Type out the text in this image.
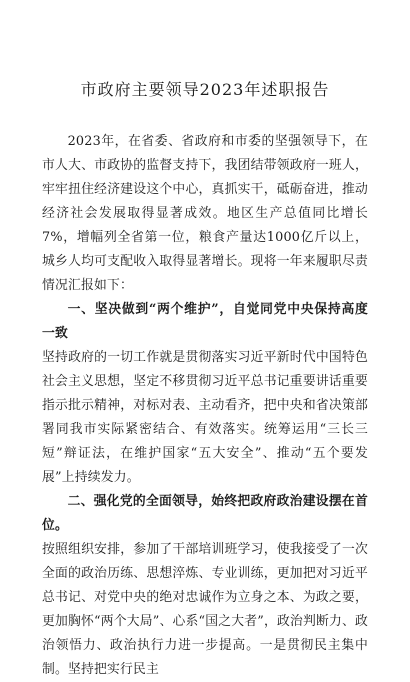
市政府主要领导2023年述职报告

2023年，在省委、省政府和市委的坚强领导下，在市人大、市政协的监督支持下，我团结带领政府一班人，牢牢扭住经济建设这个中心，真抓实干，砥砺奋进，推动经济社会发展取得显著成效。地区生产总值同比增长7%，增幅列全省第一位，粮食产量达1000亿斤以上，城乡人均可支配收入取得显著增长。现将一年来履职尽责情况汇报如下：

一、坚决做到“两个维护”，自觉同党中央保持高度一致

坚持政府的一切工作就是贯彻落实习近平新时代中国特色社会主义思想，坚定不移贯彻习近平总书记重要讲话重要指示批示精神，对标对表、主动看齐，把中央和省决策部署同我市实际紧密结合、有效落实。统筹运用“三长三短”辩证法，在维护国家“五大安全”、推动“五个要发展”上持续发力。

二、强化党的全面领导，始终把政府政治建设摆在首位。

按照组织安排，参加了干部培训班学习，使我接受了一次全面的政治历练、思想淬炼、专业训练，更加把对习近平总书记、对党中央的绝对忠诚作为立身之本、为政之要，更加胸怀“两个大局”、心系“国之大者”，政治判断力、政治领悟力、政治执行力进一步提高。一是贯彻民主集中制。坚持把实行民主
